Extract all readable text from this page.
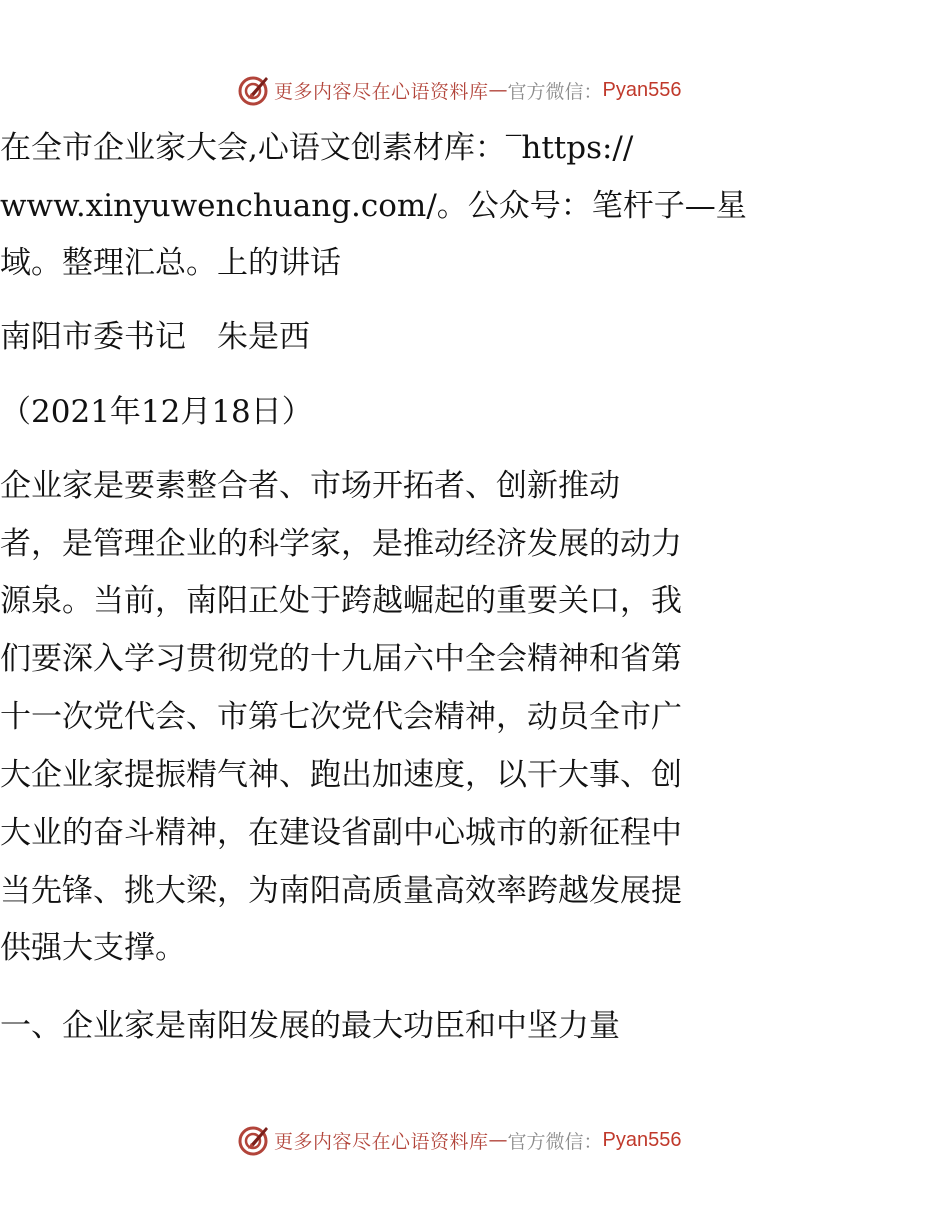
更多内容尽在心语资料库 — 官方微信： Pyan556
在全市企业家大会,心语文创素材库：‾https://
www.xinyuwenchuang.com/。公众号：笔杆子—星
域。整理汇总。上的讲话
南阳市委书记　朱是西
（2021年12月18日）
企业家是要素整合者、市场开拓者、创新推动
者，是管理企业的科学家，是推动经济发展的动力
源泉。当前，南阳正处于跨越崛起的重要关口，我
们要深入学习贯彻党的十九届六中全会精神和省第
十一次党代会、市第七次党代会精神，动员全市广
大企业家提振精气神、跑出加速度，以干大事、创
大业的奋斗精神，在建设省副中心城市的新征程中
当先锋、挑大梁，为南阳高质量高效率跨越发展提
供强大支撑。
一、企业家是南阳发展的最大功臣和中坚力量
更多内容尽在心语资料库 — 官方微信： Pyan556
